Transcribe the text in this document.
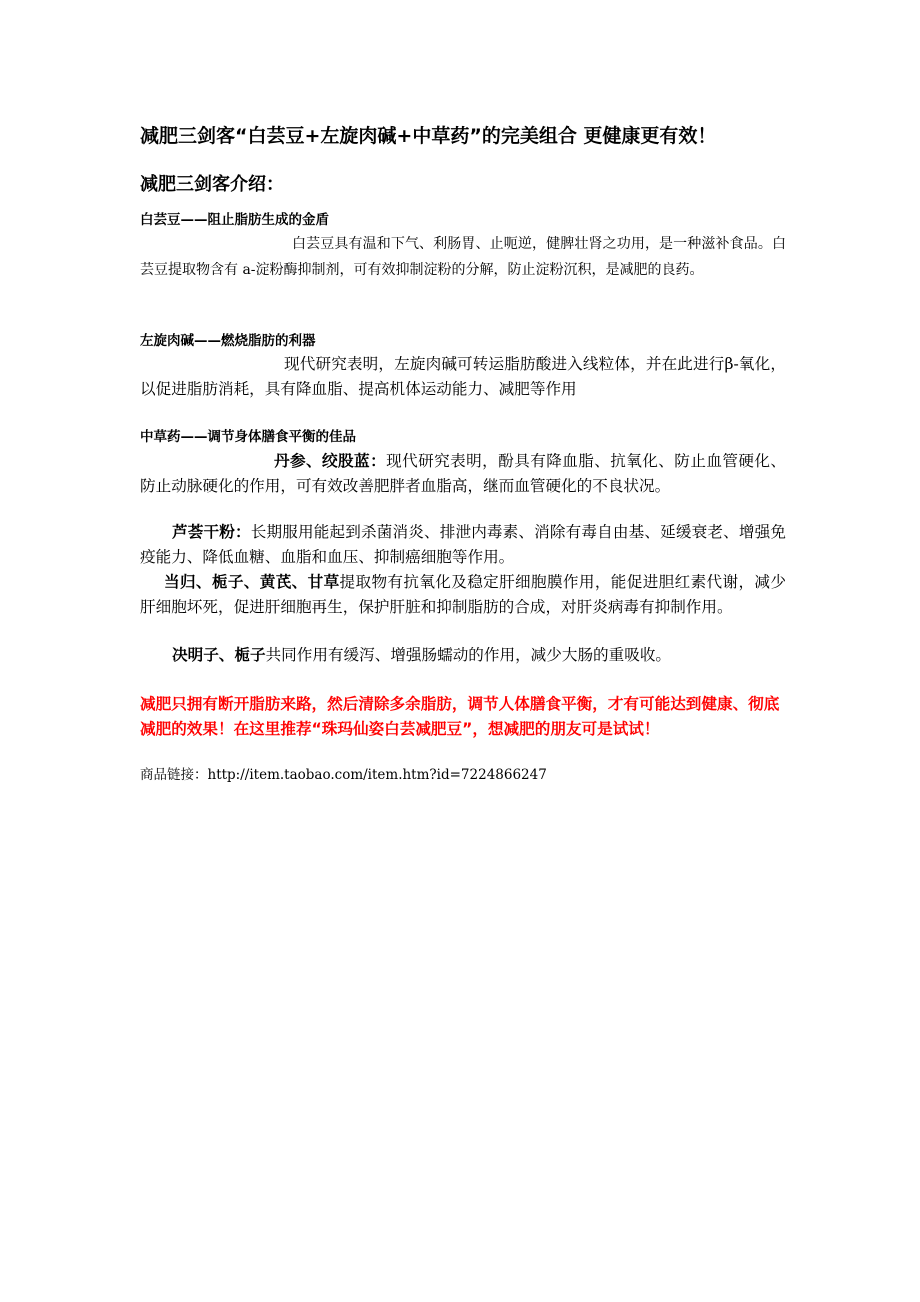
减肥三剑客“白芸豆+左旋肉碱+中草药”的完美组合 更健康更有效！
减肥三剑客介绍：
白芸豆——阻止脂肪生成的金盾
白芸豆具有温和下气、利肠胃、止呃逆，健脾壮肾之功用，是一种滋补食品。白芸豆提取物含有 a-淀粉酶抑制剂，可有效抑制淀粉的分解，防止淀粉沉积，是减肥的良药。
左旋肉碱——燃烧脂肪的利器
现代研究表明，左旋肉碱可转运脂肪酸进入线粒体，并在此进行β-氧化，以促进脂肪消耗，具有降血脂、提高机体运动能力、减肥等作用
中草药——调节身体膳食平衡的佳品
丹参、绞股蓝：现代研究表明，酚具有降血脂、抗氧化、防止血管硬化、防止动脉硬化的作用，可有效改善肥胖者血脂高，继而血管硬化的不良状况。
芦荟干粉：长期服用能起到杀菌消炎、排泄内毒素、消除有毒自由基、延缓衰老、增强免疫能力、降低血糖、血脂和血压、抑制癌细胞等作用。
当归、栀子、黄芪、甘草提取物有抗氧化及稳定肝细胞膜作用，能促进胆红素代谢，减少肝细胞坏死，促进肝细胞再生，保护肝脏和抑制脂肪的合成，对肝炎病毒有抑制作用。
决明子、栀子共同作用有缓泻、增强肠蠕动的作用，减少大肠的重吸收。
减肥只拥有断开脂肪来路，然后清除多余脂肪，调节人体膳食平衡，才有可能达到健康、彻底减肥的效果！在这里推荐“珠玛仙姿白芸减肥豆”，想减肥的朋友可是试试！
商品链接：http://item.taobao.com/item.htm?id=7224866247
